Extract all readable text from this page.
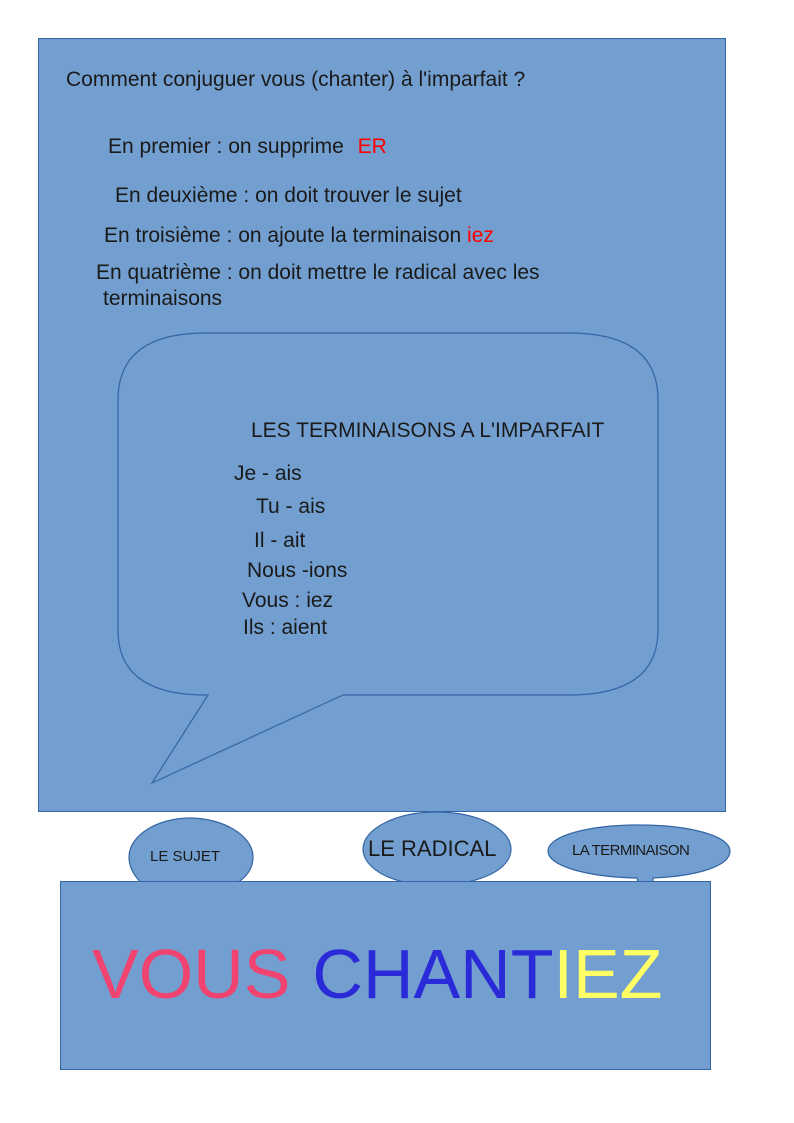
Comment conjuguer vous (chanter) à l'imparfait ?
En premier : on supprime ER
En deuxième : on doit trouver le sujet
En troisième : on ajoute la terminaison iez
En quatrième : on doit mettre le radical avec les
terminaisons
LES TERMINAISONS A L'IMPARFAIT
Je - ais
Tu - ais
Il - ait
Nous -ions
Vous : iez
Ils : aient
LE SUJET	LE RADICAL	LA TERMINAISON
VOUS CHANTIEZ
